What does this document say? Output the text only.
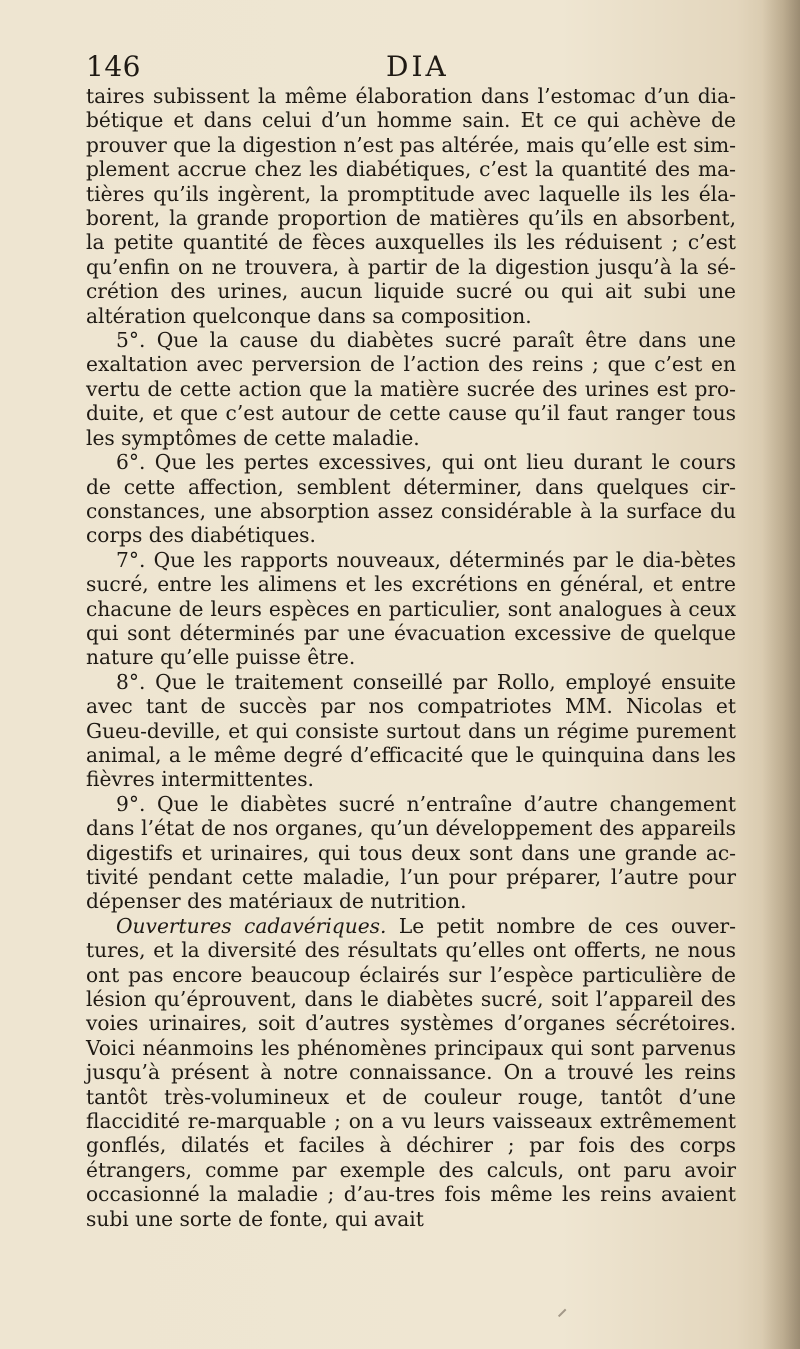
146	DIA

taires subissent la même élaboration dans l’estomac d’un dia-bétique et dans celui d’un homme sain. Et ce qui achève de prouver que la digestion n’est pas altérée, mais qu’elle est sim-plement accrue chez les diabétiques, c’est la quantité des ma-tières qu’ils ingèrent, la promptitude avec laquelle ils les éla-borent, la grande proportion de matières qu’ils en absorbent, la petite quantité de fèces auxquelles ils les réduisent ; c’est qu’enfin on ne trouvera, à partir de la digestion jusqu’à la sé-crétion des urines, aucun liquide sucré ou qui ait subi une altération quelconque dans sa composition.

5°. Que la cause du diabètes sucré paraît être dans une exaltation avec perversion de l’action des reins ; que c’est en vertu de cette action que la matière sucrée des urines est pro-duite, et que c’est autour de cette cause qu’il faut ranger tous les symptômes de cette maladie.

6°. Que les pertes excessives, qui ont lieu durant le cours de cette affection, semblent déterminer, dans quelques cir-constances, une absorption assez considérable à la surface du corps des diabétiques.

7°. Que les rapports nouveaux, déterminés par le dia-bètes sucré, entre les alimens et les excrétions en général, et entre chacune de leurs espèces en particulier, sont analogues à ceux qui sont déterminés par une évacuation excessive de quelque nature qu’elle puisse être.

8°. Que le traitement conseillé par Rollo, employé ensuite avec tant de succès par nos compatriotes MM. Nicolas et Gueu-deville, et qui consiste surtout dans un régime purement animal, a le même degré d’efficacité que le quinquina dans les fièvres intermittentes.

9°. Que le diabètes sucré n’entraîne d’autre changement dans l’état de nos organes, qu’un développement des appareils digestifs et urinaires, qui tous deux sont dans une grande ac-tivité pendant cette maladie, l’un pour préparer, l’autre pour dépenser des matériaux de nutrition.

Ouvertures cadavériques. Le petit nombre de ces ouver-tures, et la diversité des résultats qu’elles ont offerts, ne nous ont pas encore beaucoup éclairés sur l’espèce particulière de lésion qu’éprouvent, dans le diabètes sucré, soit l’appareil des voies urinaires, soit d’autres systèmes d’organes sécrétoires. Voici néanmoins les phénomènes principaux qui sont parvenus jusqu’à présent à notre connaissance. On a trouvé les reins tantôt très-volumineux et de couleur rouge, tantôt d’une flaccidité re-marquable ; on a vu leurs vaisseaux extrêmement gonflés, dilatés et faciles à déchirer ; par fois des corps étrangers, comme par exemple des calculs, ont paru avoir occasionné la maladie ; d’au-tres fois même les reins avaient subi une sorte de fonte, qui avait
